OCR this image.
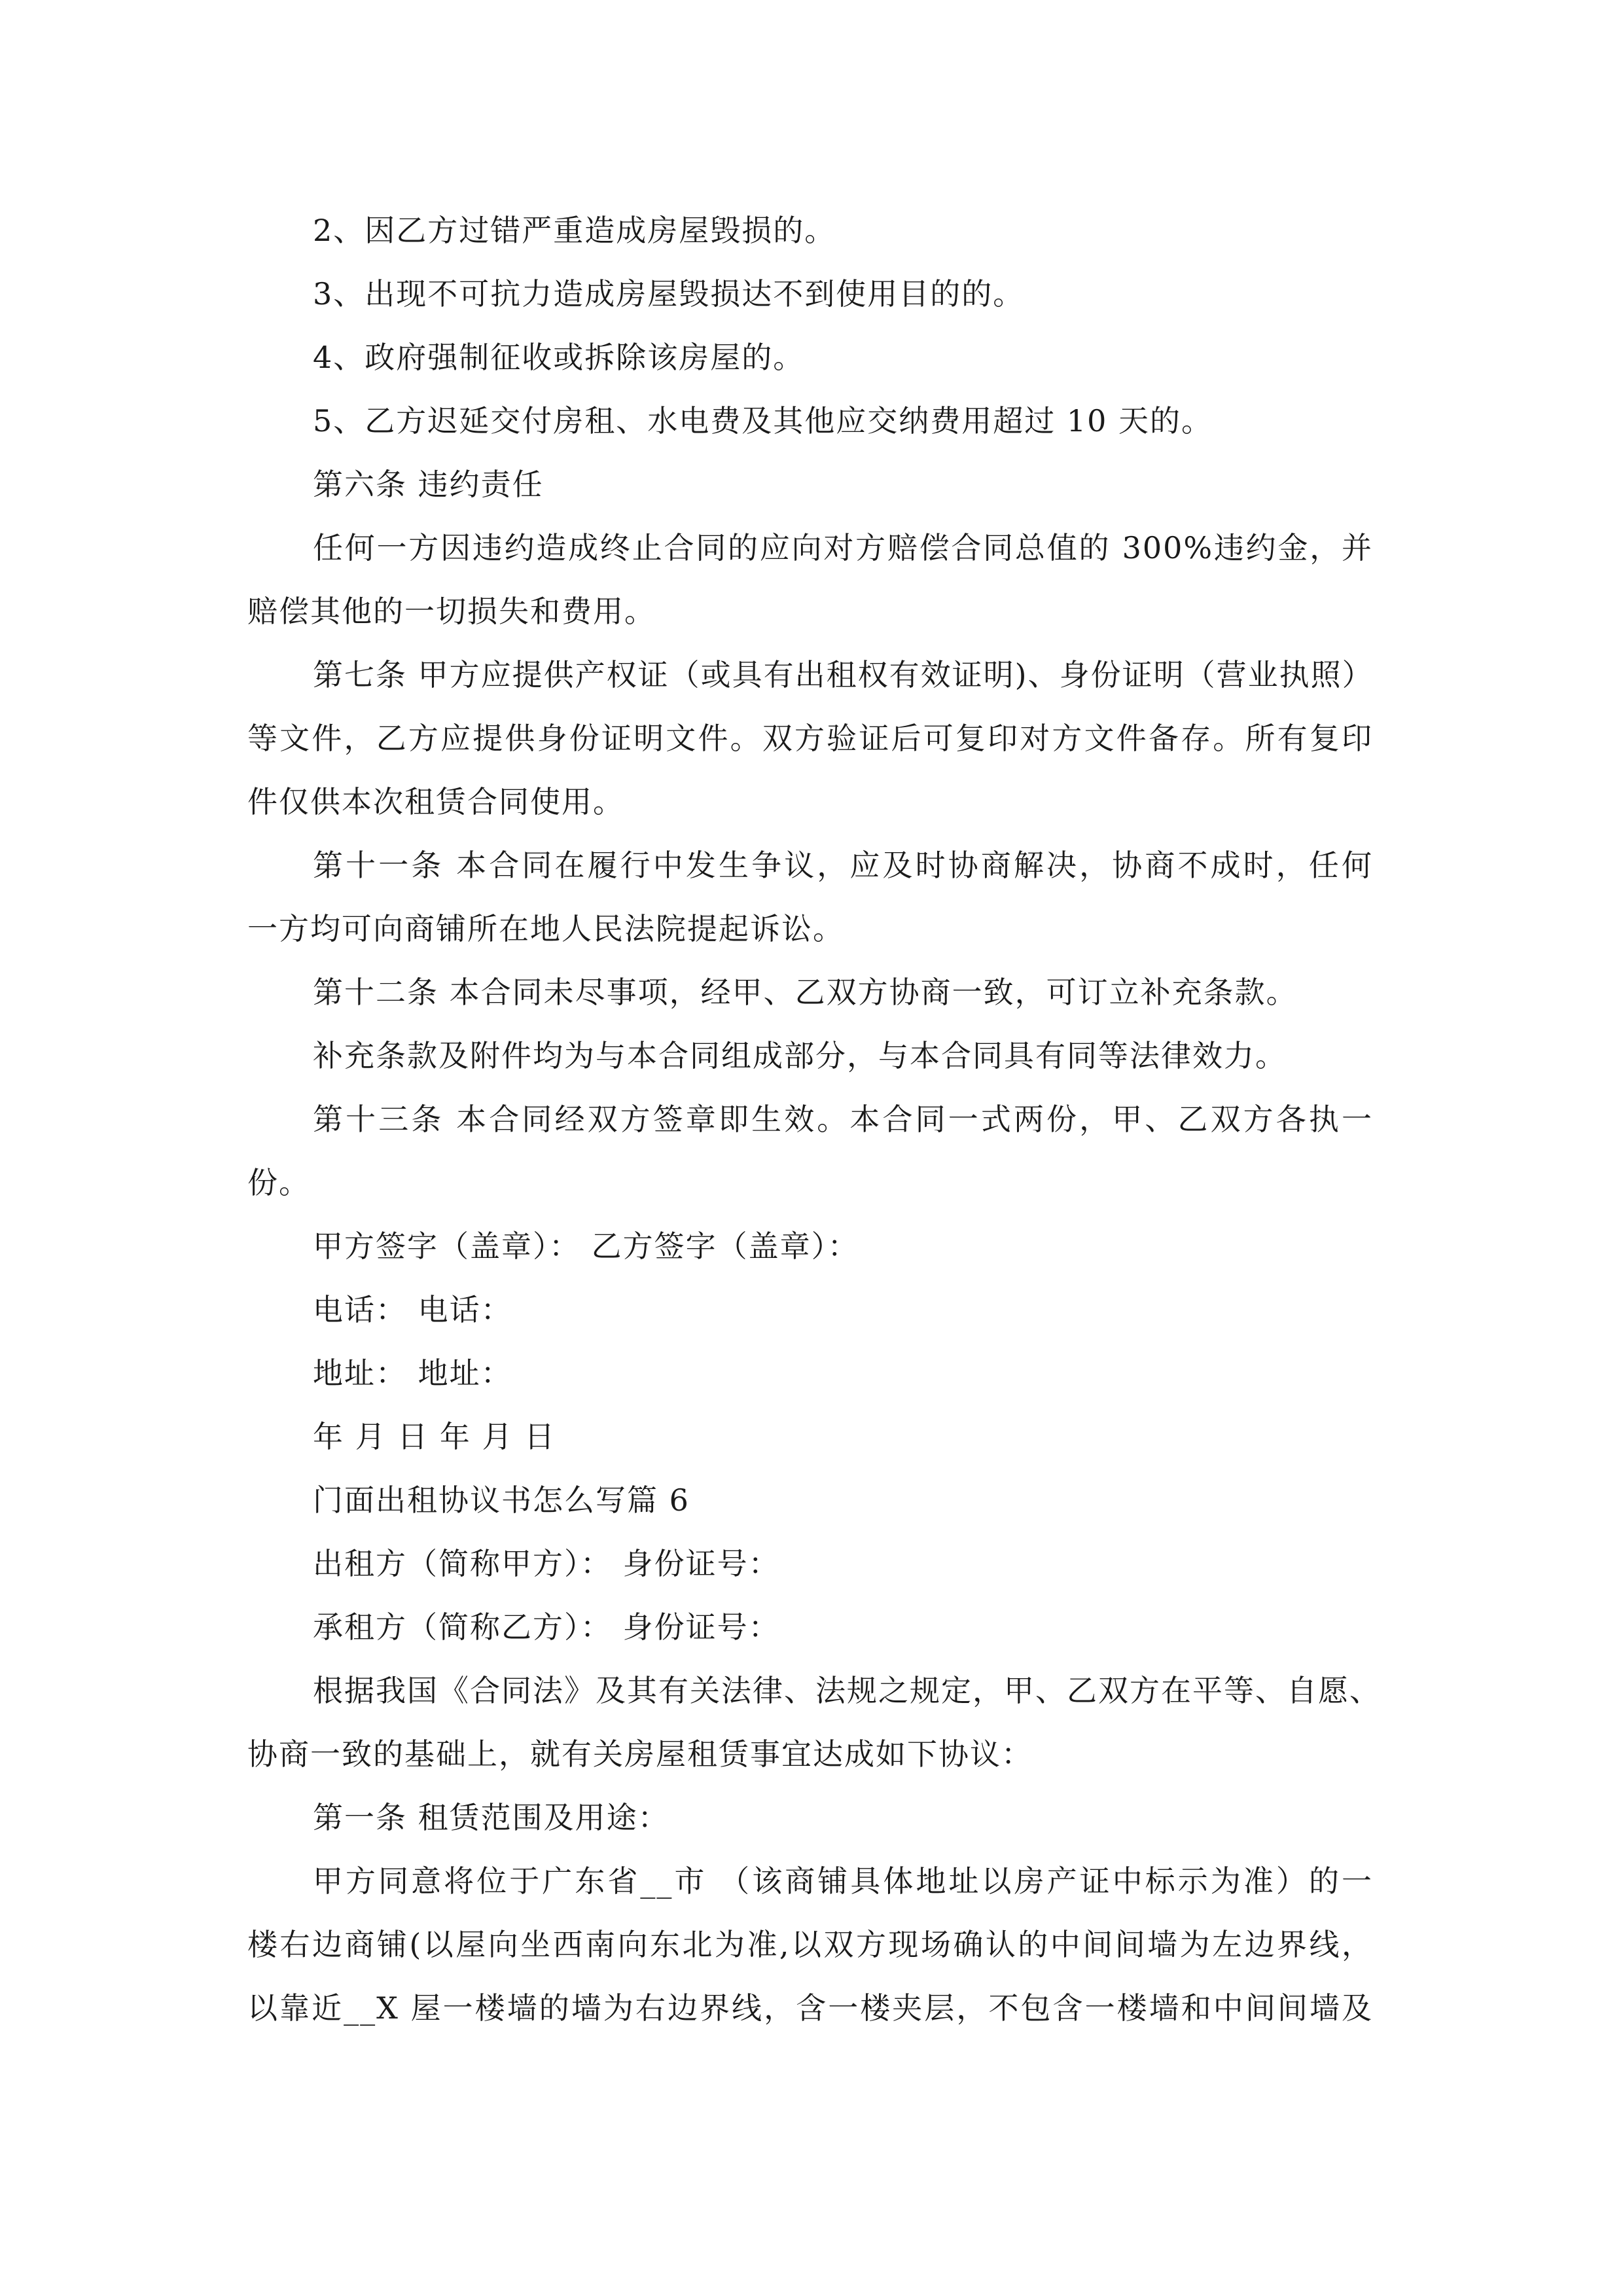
2、因乙方过错严重造成房屋毁损的。
3、出现不可抗力造成房屋毁损达不到使用目的的。
4、政府强制征收或拆除该房屋的。
5、乙方迟延交付房租、水电费及其他应交纳费用超过 10 天的。
第六条 违约责任
任何一方因违约造成终止合同的应向对方赔偿合同总值的 300%违约金，并
赔偿其他的一切损失和费用。
第七条 甲方应提供产权证（或具有出租权有效证明)、身份证明（营业执照）
等文件，乙方应提供身份证明文件。双方验证后可复印对方文件备存。所有复印
件仅供本次租赁合同使用。
第十一条 本合同在履行中发生争议，应及时协商解决，协商不成时，任何
一方均可向商铺所在地人民法院提起诉讼。
第十二条 本合同未尽事项，经甲、乙双方协商一致，可订立补充条款。
补充条款及附件均为与本合同组成部分，与本合同具有同等法律效力。
第十三条 本合同经双方签章即生效。本合同一式两份，甲、乙双方各执一
份。
甲方签字（盖章）： 乙方签字（盖章）：
电话： 电话：
地址： 地址：
年 月 日 年 月 日
门面出租协议书怎么写篇 6
出租方（简称甲方）： 身份证号：
承租方（简称乙方）： 身份证号：
根据我国《合同法》及其有关法律、法规之规定，甲、乙双方在平等、自愿、
协商一致的基础上，就有关房屋租赁事宜达成如下协议：
第一条 租赁范围及用途：
甲方同意将位于广东省__市 （该商铺具体地址以房产证中标示为准）的一
楼右边商铺(以屋向坐西南向东北为准,以双方现场确认的中间间墙为左边界线，
以靠近__X 屋一楼墙的墙为右边界线，含一楼夹层，不包含一楼墙和中间间墙及
